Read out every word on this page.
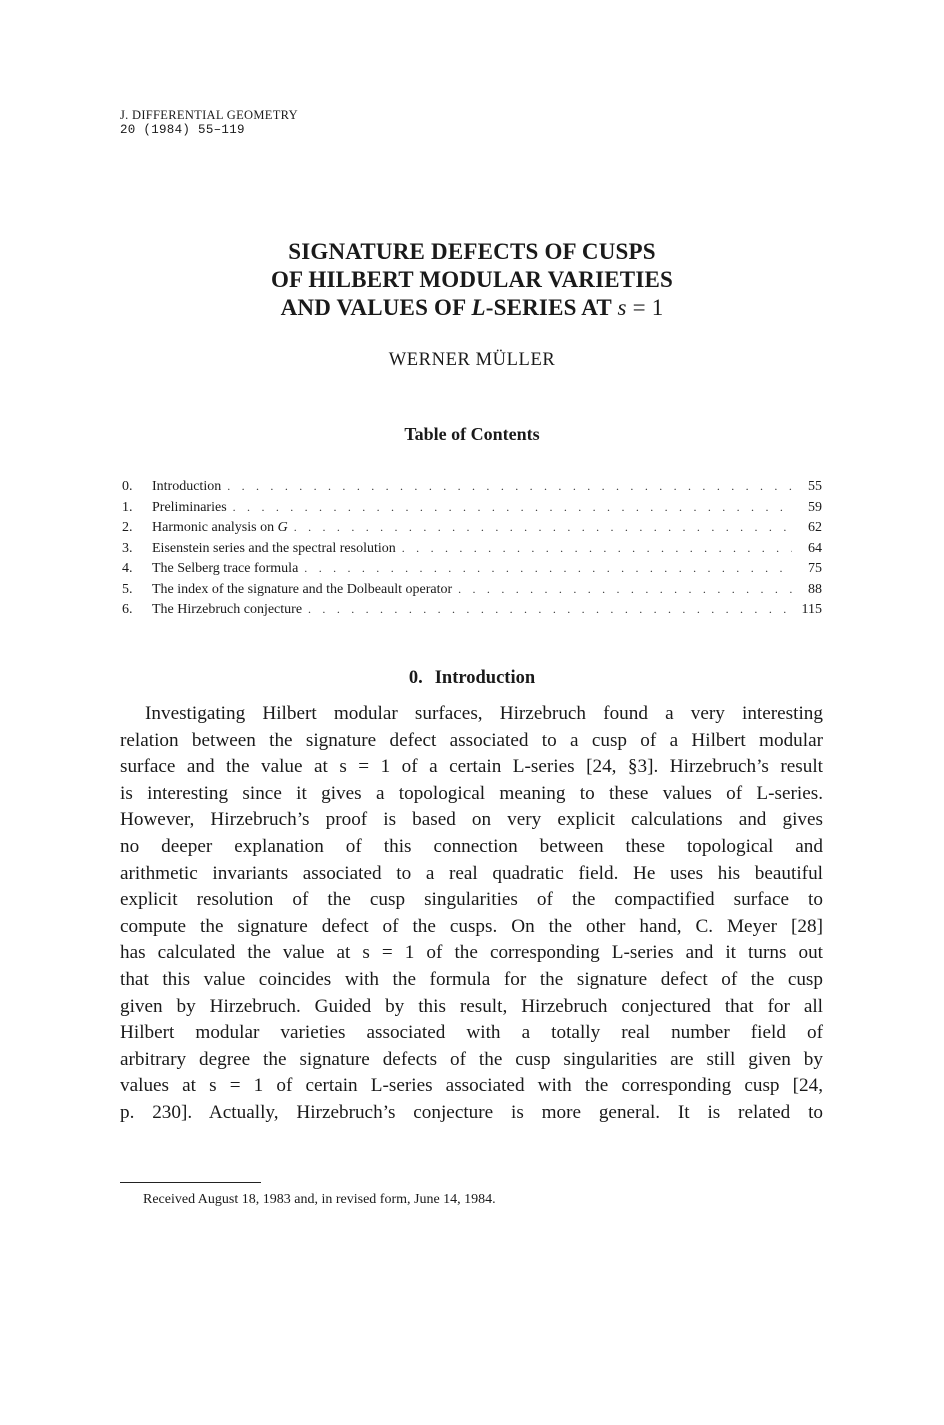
J. DIFFERENTIAL GEOMETRY
20 (1984) 55–119
SIGNATURE DEFECTS OF CUSPS
OF HILBERT MODULAR VARIETIES
AND VALUES OF L-SERIES AT s = 1
WERNER MÜLLER
Table of Contents
0.	Introduction . . .	55
1.	Preliminaries . . .	59
2.	Harmonic analysis on G . . .	62
3.	Eisenstein series and the spectral resolution . . .	64
4.	The Selberg trace formula . . .	75
5.	The index of the signature and the Dolbeault operator . . .	88
6.	The Hirzebruch conjecture . . .	115
0. Introduction
Investigating Hilbert modular surfaces, Hirzebruch found a very interesting
relation between the signature defect associated to a cusp of a Hilbert modular
surface and the value at s = 1 of a certain L-series [24, §3]. Hirzebruch’s result
is interesting since it gives a topological meaning to these values of L-series.
However, Hirzebruch’s proof is based on very explicit calculations and gives
no deeper explanation of this connection between these topological and
arithmetic invariants associated to a real quadratic field. He uses his beautiful
explicit resolution of the cusp singularities of the compactified surface to
compute the signature defect of the cusps. On the other hand, C. Meyer [28]
has calculated the value at s = 1 of the corresponding L-series and it turns out
that this value coincides with the formula for the signature defect of the cusp
given by Hirzebruch. Guided by this result, Hirzebruch conjectured that for all
Hilbert modular varieties associated with a totally real number field of
arbitrary degree the signature defects of the cusp singularities are still given by
values at s = 1 of certain L-series associated with the corresponding cusp [24,
p. 230]. Actually, Hirzebruch’s conjecture is more general. It is related to
Received August 18, 1983 and, in revised form, June 14, 1984.
